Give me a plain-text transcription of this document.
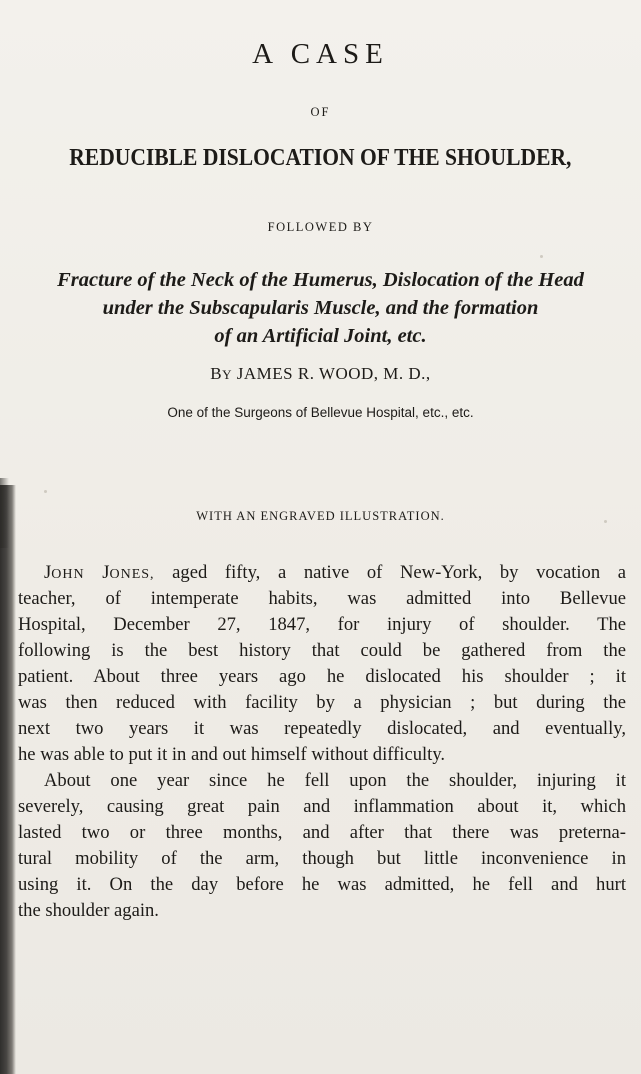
A CASE
OF
REDUCIBLE DISLOCATION OF THE SHOULDER,
FOLLOWED BY
Fracture of the Neck of the Humerus, Dislocation of the Head
under the Subscapularis Muscle, and the formation
of an Artificial Joint, etc.
BY JAMES R. WOOD, M. D.,
One of the Surgeons of Bellevue Hospital, etc., etc.
WITH AN ENGRAVED ILLUSTRATION.
JOHN JONES, aged fifty, a native of New-York, by vocation a
teacher, of intemperate habits, was admitted into Bellevue
Hospital, December 27, 1847, for injury of shoulder. The
following is the best history that could be gathered from the
patient. About three years ago he dislocated his shoulder ; it
was then reduced with facility by a physician ; but during the
next two years it was repeatedly dislocated, and eventually,
he was able to put it in and out himself without difficulty.
About one year since he fell upon the shoulder, injuring it
severely, causing great pain and inflammation about it, which
lasted two or three months, and after that there was preterna-
tural mobility of the arm, though but little inconvenience in
using it. On the day before he was admitted, he fell and hurt
the shoulder again.
